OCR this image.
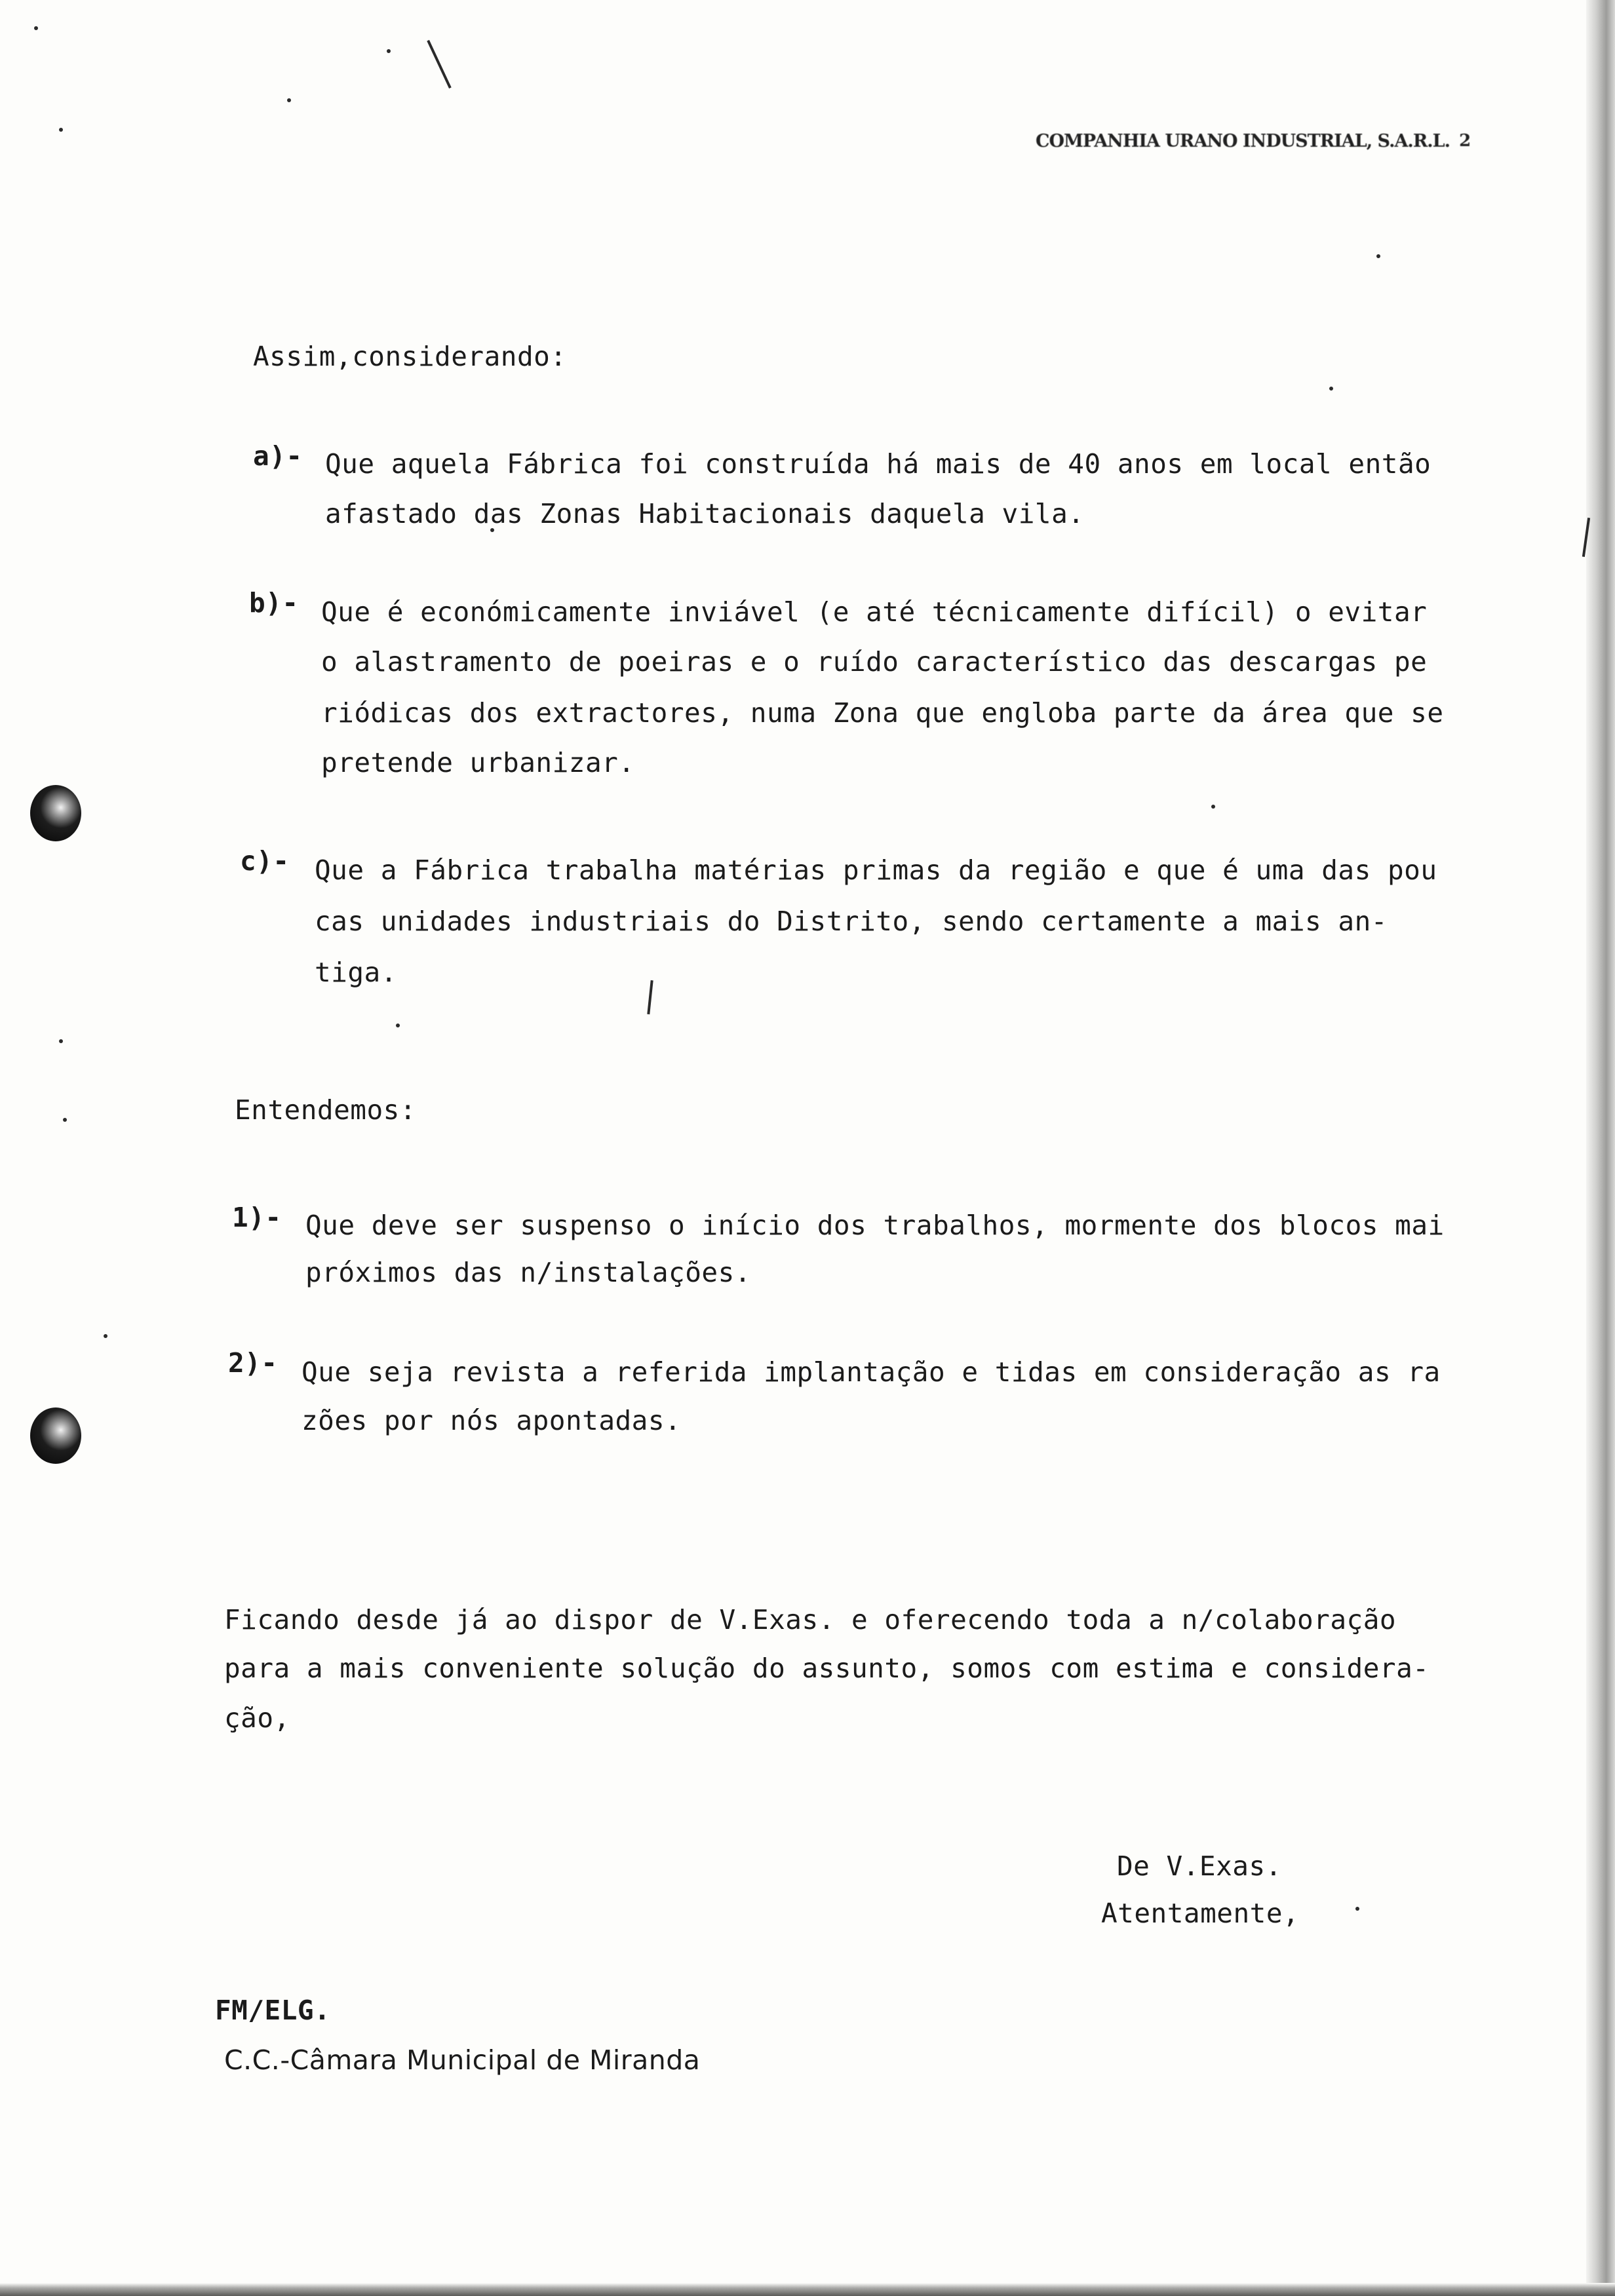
COMPANHIA URANO INDUSTRIAL, S.A.R.L. 2
Assim,considerando:
a)- Que aquela Fábrica foi construída há mais de 40 anos em local então
afastado das Zonas Habitacionais daquela vila.
b)- Que é económicamente inviável (e até técnicamente difícil) o evitar
o alastramento de poeiras e o ruído característico das descargas pe
riódicas dos extractores, numa Zona que engloba parte da área que se
pretende urbanizar.
c)- Que a Fábrica trabalha matérias primas da região e que é uma das pou
cas unidades industriais do Distrito, sendo certamente a mais an-
tiga.
Entendemos:
1)- Que deve ser suspenso o início dos trabalhos, mormente dos blocos mai
próximos das n/instalações.
2)- Que seja revista a referida implantação e tidas em consideração as ra
zões por nós apontadas.
Ficando desde já ao dispor de V.Exas. e oferecendo toda a n/colaboração
para a mais conveniente solução do assunto, somos com estima e considera-
ção,
De V.Exas.
Atentamente,
FM/ELG.
C.C.-Câmara Municipal de Miranda
